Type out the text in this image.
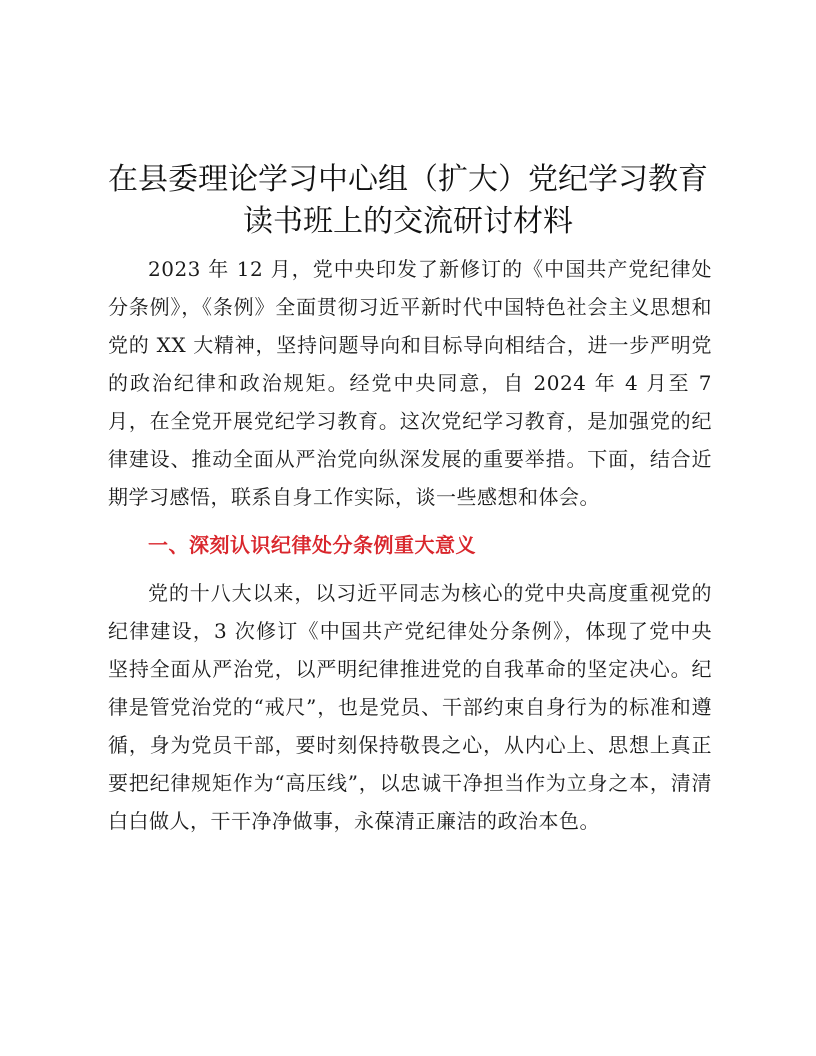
在县委理论学习中心组（扩大）党纪学习教育
读书班上的交流研讨材料

2023 年 12 月，党中央印发了新修订的《中国共产党纪律处分条例》，《条例》全面贯彻习近平新时代中国特色社会主义思想和党的 XX 大精神，坚持问题导向和目标导向相结合，进一步严明党的政治纪律和政治规矩。经党中央同意，自 2024 年 4 月至 7 月，在全党开展党纪学习教育。这次党纪学习教育，是加强党的纪律建设、推动全面从严治党向纵深发展的重要举措。下面，结合近期学习感悟，联系自身工作实际，谈一些感想和体会。

一、深刻认识纪律处分条例重大意义

党的十八大以来，以习近平同志为核心的党中央高度重视党的纪律建设，3 次修订《中国共产党纪律处分条例》，体现了党中央坚持全面从严治党，以严明纪律推进党的自我革命的坚定决心。纪律是管党治党的“戒尺”，也是党员、干部约束自身行为的标准和遵循，身为党员干部，要时刻保持敬畏之心，从内心上、思想上真正要把纪律规矩作为“高压线”，以忠诚干净担当作为立身之本，清清白白做人，干干净净做事，永葆清正廉洁的政治本色。
